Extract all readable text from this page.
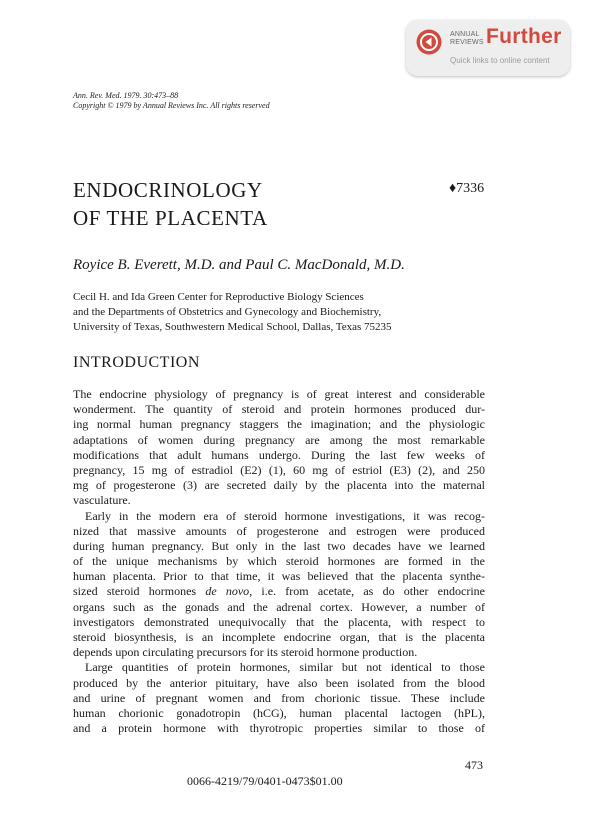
ANNUAL
REVIEWS Further
Quick links to online content
Ann. Rev. Med. 1979. 30:473–88
Copyright © 1979 by Annual Reviews Inc. All rights reserved
ENDOCRINOLOGY
OF THE PLACENTA
♦7336
Royice B. Everett, M.D. and Paul C. MacDonald, M.D.
Cecil H. and Ida Green Center for Reproductive Biology Sciences
and the Departments of Obstetrics and Gynecology and Biochemistry,
University of Texas, Southwestern Medical School, Dallas, Texas 75235
INTRODUCTION
The endocrine physiology of pregnancy is of great interest and considerable
wonderment. The quantity of steroid and protein hormones produced dur-
ing normal human pregnancy staggers the imagination; and the physiologic
adaptations of women during pregnancy are among the most remarkable
modifications that adult humans undergo. During the last few weeks of
pregnancy, 15 mg of estradiol (E2) (1), 60 mg of estriol (E3) (2), and 250
mg of progesterone (3) are secreted daily by the placenta into the maternal
vasculature.
Early in the modern era of steroid hormone investigations, it was recog-
nized that massive amounts of progesterone and estrogen were produced
during human pregnancy. But only in the last two decades have we learned
of the unique mechanisms by which steroid hormones are formed in the
human placenta. Prior to that time, it was believed that the placenta synthe-
sized steroid hormones de novo, i.e. from acetate, as do other endocrine
organs such as the gonads and the adrenal cortex. However, a number of
investigators demonstrated unequivocally that the placenta, with respect to
steroid biosynthesis, is an incomplete endocrine organ, that is the placenta
depends upon circulating precursors for its steroid hormone production.
Large quantities of protein hormones, similar but not identical to those
produced by the anterior pituitary, have also been isolated from the blood
and urine of pregnant women and from chorionic tissue. These include
human chorionic gonadotropin (hCG), human placental lactogen (hPL),
and a protein hormone with thyrotropic properties similar to those of
473
0066-4219/79/0401-0473$01.00
